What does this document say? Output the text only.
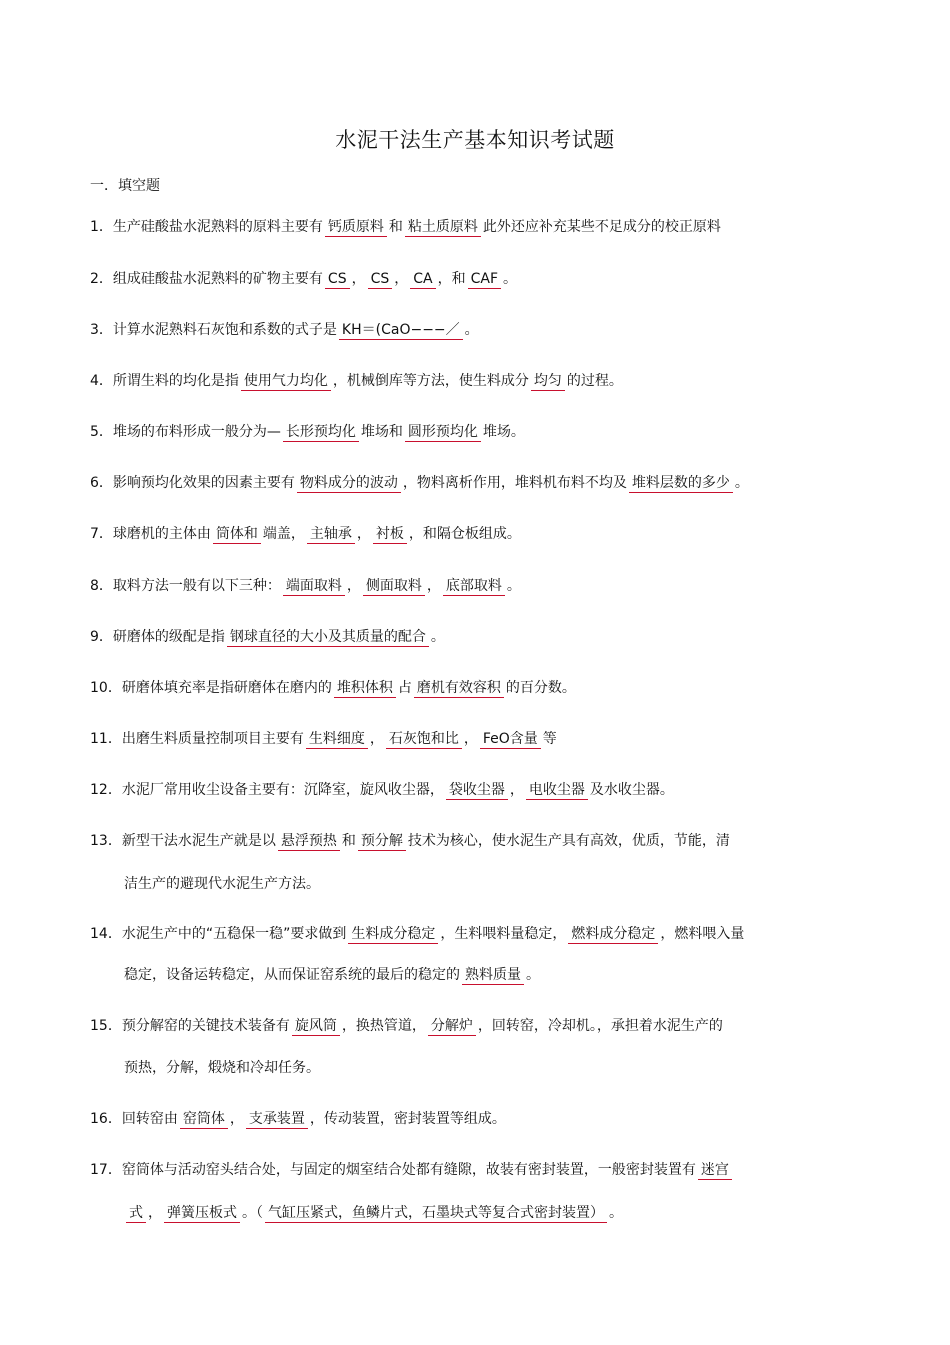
水泥干法生产基本知识考试题
一．填空题
1．生产硅酸盐水泥熟料的原料主要有 钙质原料 和 粘土质原料 此外还应补充某些不足成分的校正原料
2．组成硅酸盐水泥熟料的矿物主要有 CS ， CS ， CA ，和 CAF 。
3．计算水泥熟料石灰饱和系数的式子是 KH＝(CaO−−−／ 。
4．所谓生料的均化是指 使用气力均化 ，机械倒库等方法，使生料成分 均匀 的过程。
5．堆场的布料形成一般分为— 长形预均化 堆场和 圆形预均化 堆场。
6．影响预均化效果的因素主要有 物料成分的波动 ，物料离析作用，堆料机布料不均及 堆料层数的多少 。
7．球磨机的主体由 筒体和 端盖， 主轴承 ， 衬板 ，和隔仓板组成。
8．取料方法一般有以下三种： 端面取料 ， 侧面取料 ， 底部取料 。
9．研磨体的级配是指 钢球直径的大小及其质量的配合 。
10．研磨体填充率是指研磨体在磨内的 堆积体积 占 磨机有效容积 的百分数。
11．出磨生料质量控制项目主要有 生料细度 ， 石灰饱和比 ， FeO含量 等
12．水泥厂常用收尘设备主要有：沉降室，旋风收尘器， 袋收尘器 ， 电收尘器 及水收尘器。
13．新型干法水泥生产就是以 悬浮预热 和 预分解 技术为核心，使水泥生产具有高效，优质，节能，清
洁生产的避现代水泥生产方法。
14．水泥生产中的“五稳保一稳”要求做到 生料成分稳定 ，生料喂料量稳定， 燃料成分稳定 ，燃料喂入量
稳定，设备运转稳定，从而保证窑系统的最后的稳定的 熟料质量 。
15．预分解窑的关键技术装备有 旋风筒 ，换热管道， 分解炉 ，回转窑，冷却机。，承担着水泥生产的
预热，分解，煅烧和冷却任务。
16．回转窑由 窑筒体 ， 支承装置 ，传动装置，密封装置等组成。
17．窑筒体与活动窑头结合处，与固定的烟室结合处都有缝隙，故装有密封装置，一般密封装置有 迷宫
式 ， 弹簧压板式 。（ 气缸压紧式，鱼鳞片式，石墨块式等复合式密封装置） 。
